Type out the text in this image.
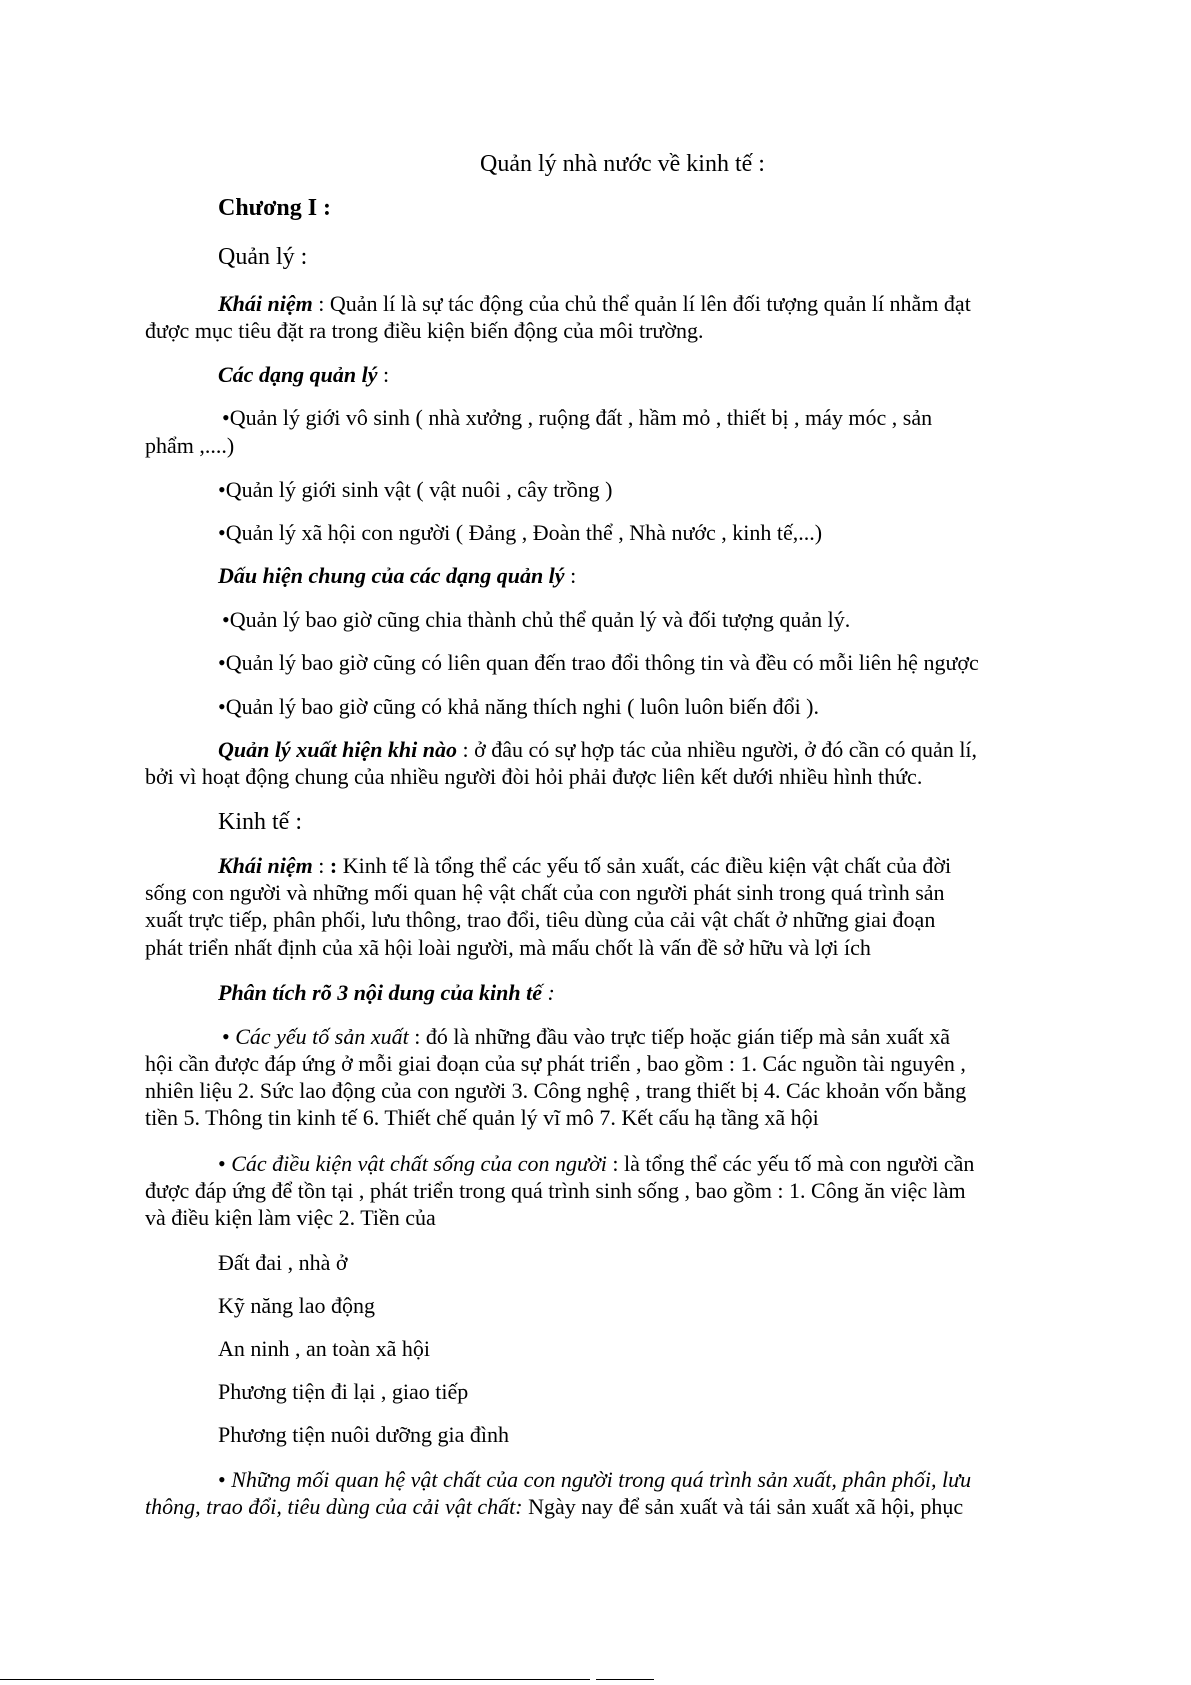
Quản lý nhà nước về kinh tế :
Chương I :
Quản lý :
Khái niệm : Quản lí là sự tác động của chủ thể quản lí lên đối tượng quản lí nhằm đạt
được mục tiêu đặt ra trong điều kiện biến động của môi trường.
Các dạng quản lý :
•Quản lý giới vô sinh ( nhà xưởng , ruộng đất , hầm mỏ , thiết bị , máy móc , sản
phẩm ,....)
•Quản lý giới sinh vật ( vật nuôi , cây trồng )
•Quản lý xã hội con người ( Đảng , Đoàn thể , Nhà nước , kinh tế,...)
Dấu hiện chung của các dạng quản lý :
•Quản lý bao giờ cũng chia thành chủ thể quản lý và đối tượng quản lý.
•Quản lý bao giờ cũng có liên quan đến trao đổi thông tin và đều có mỗi liên hệ ngược
•Quản lý bao giờ cũng có khả năng thích nghi ( luôn luôn biến đổi ).
Quản lý xuất hiện khi nào : ở đâu có sự hợp tác của nhiều người, ở đó cần có quản lí,
bởi vì hoạt động chung của nhiều người đòi hỏi phải được liên kết dưới nhiều hình thức.
Kinh tế :
Khái niệm : : Kinh tế là tổng thể các yếu tố sản xuất, các điều kiện vật chất của đời
sống con người và những mối quan hệ vật chất của con người phát sinh trong quá trình sản
xuất trực tiếp, phân phối, lưu thông, trao đổi, tiêu dùng của cải vật chất ở những giai đoạn
phát triển nhất định của xã hội loài người, mà mấu chốt là vấn đề sở hữu và lợi ích
Phân tích rõ 3 nội dung của kinh tế :
• Các yếu tố sản xuất : đó là những đầu vào trực tiếp hoặc gián tiếp mà sản xuất xã
hội cần được đáp ứng ở mỗi giai đoạn của sự phát triển , bao gồm : 1. Các nguồn tài nguyên ,
nhiên liệu 2. Sức lao động của con người 3. Công nghệ , trang thiết bị 4. Các khoản vốn bằng
tiền 5. Thông tin kinh tế 6. Thiết chế quản lý vĩ mô 7. Kết cấu hạ tầng xã hội
• Các điều kiện vật chất sống của con người : là tổng thể các yếu tố mà con người cần
được đáp ứng để tồn tại , phát triển trong quá trình sinh sống , bao gồm : 1. Công ăn việc làm
và điều kiện làm việc 2. Tiền của
Đất đai , nhà ở
Kỹ năng lao động
An ninh , an toàn xã hội
Phương tiện đi lại , giao tiếp
Phương tiện nuôi dưỡng gia đình
• Những mối quan hệ vật chất của con người trong quá trình sản xuất, phân phối, lưu
thông, trao đổi, tiêu dùng của cải vật chất: Ngày nay để sản xuất và tái sản xuất xã hội, phục
